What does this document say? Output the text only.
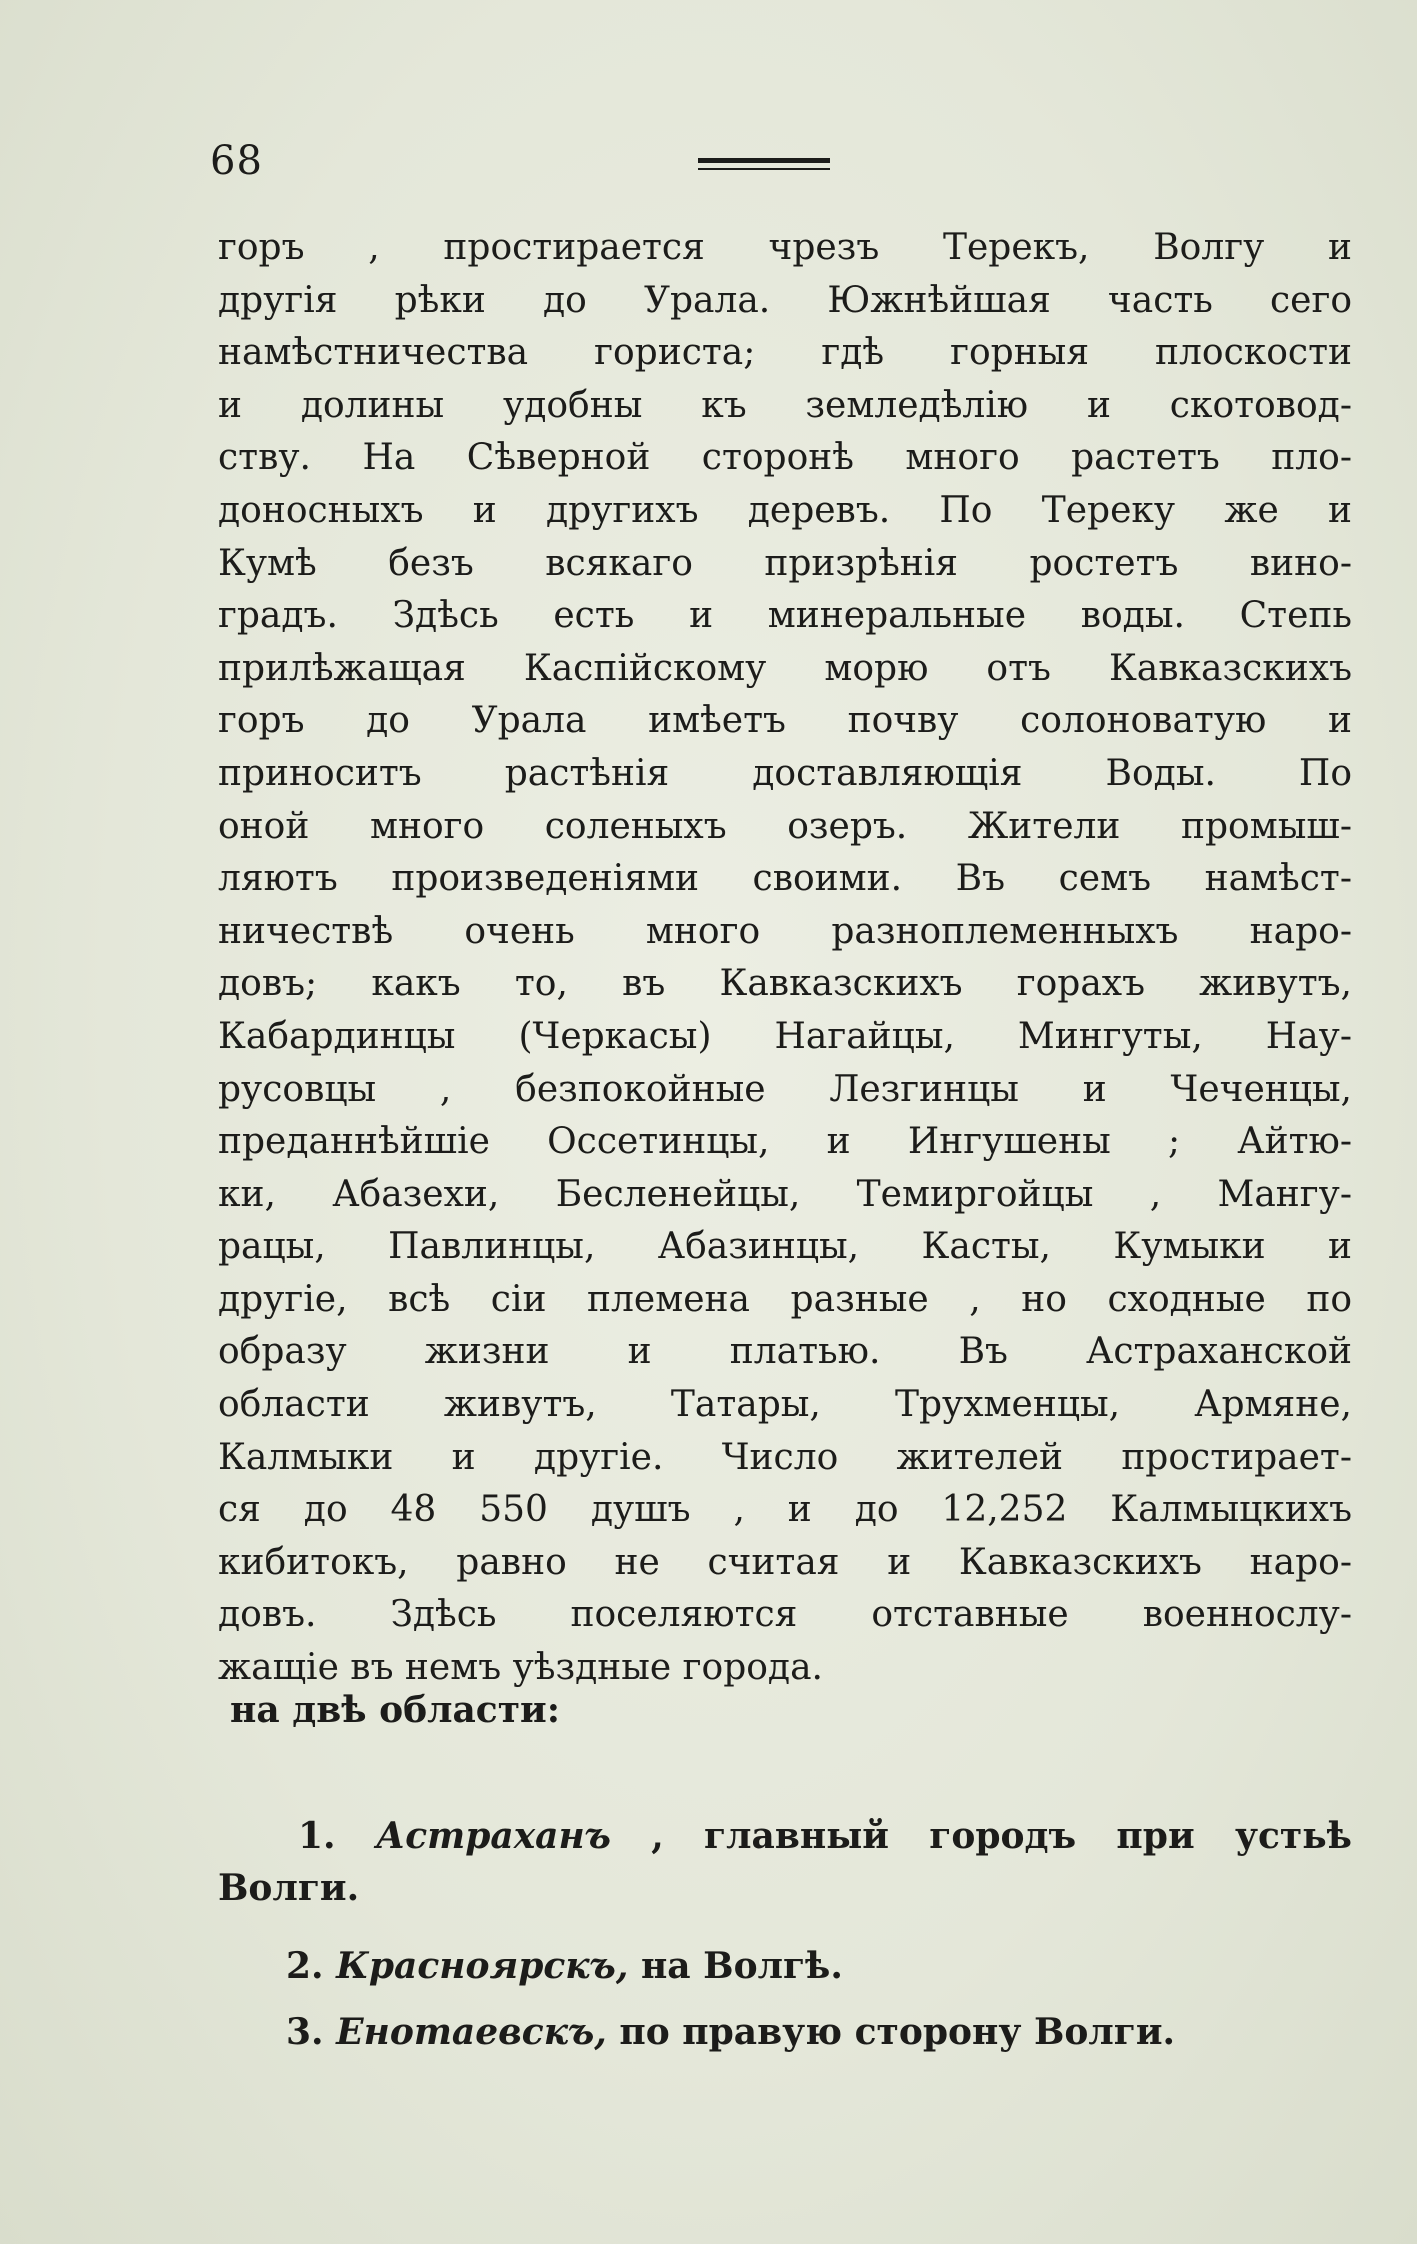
68
горъ , простирается чрезъ Терекъ, Волгу и
другія рѣки до Урала. Южнѣйшая часть сего
намѣстничества гориста; гдѣ горныя плоскости
и долины удобны къ земледѣлію и скотовод-
ству. На Сѣверной сторонѣ много растетъ пло-
доносныхъ и другихъ деревъ. По Тереку же и
Кумѣ безъ всякаго призрѣнія ростетъ вино-
градъ. Здѣсь есть и минеральные воды. Степь
прилѣжащая Каспійскому морю отъ Кавказскихъ
горъ до Урала имѣетъ почву солоноватую и
приноситъ растѣнія доставляющія Воды. По
оной много соленыхъ озеръ. Жители промыш-
ляютъ произведеніями своими. Въ семъ намѣст-
ничествѣ очень много разноплеменныхъ наро-
довъ; какъ то, въ Кавказскихъ горахъ живутъ,
Кабардинцы (Черкасы) Нагайцы, Мингуты, Нау-
русовцы , безпокойные Лезгинцы и Чеченцы,
преданнѣйшіе Оссетинцы, и Ингушены ; Айтю-
ки, Абазехи, Бесленейцы, Темиргойцы , Мангу-
рацы, Павлинцы, Абазинцы, Касты, Кумыки и
другіе, всѣ сіи племена разные , но сходные по
образу жизни и платью. Въ Астраханской
области живутъ, Татары, Трухменцы, Армяне,
Калмыки и другіе. Число жителей простирает-
ся до 48 550 душъ , и до 12,252 Калмыцкихъ
кибитокъ, равно не считая и Кавказскихъ наро-
довъ. Здѣсь поселяются отставные военнослу-
жащіе въ немъ уѣздные города.
на двѣ области:
1. Астраханъ , главный городъ при устьѣ
Волги.
2. Красноярскъ, на Волгѣ.
3. Енотаевскъ, по правую сторону Волги.
